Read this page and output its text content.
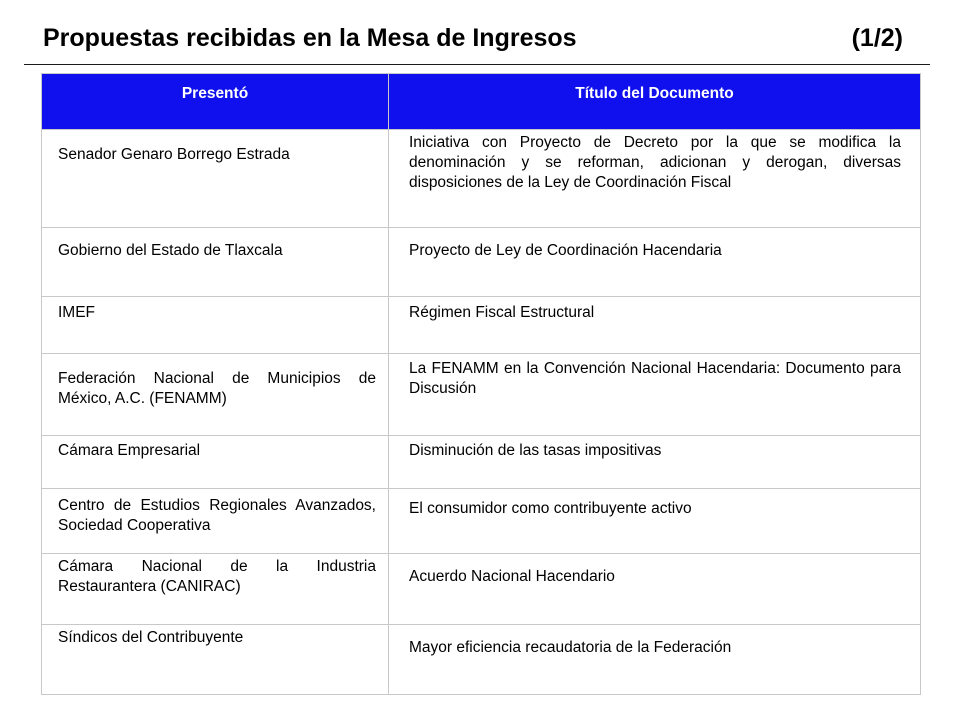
Propuestas recibidas en la Mesa de Ingresos	(1/2)
Presentó	Título del Documento
Senador Genaro Borrego Estrada	Iniciativa con Proyecto de Decreto por la que se modifica la denominación y se reforman, adicionan y derogan, diversas disposiciones de la Ley de Coordinación Fiscal
Gobierno del Estado de Tlaxcala	Proyecto de Ley de Coordinación Hacendaria
IMEF	Régimen Fiscal Estructural
Federación Nacional de Municipios de México, A.C. (FENAMM)	La FENAMM en la Convención Nacional Hacendaria: Documento para Discusión
Cámara Empresarial	Disminución de las tasas impositivas
Centro de Estudios Regionales Avanzados, Sociedad Cooperativa	El consumidor como contribuyente activo
Cámara Nacional de la Industria Restaurantera (CANIRAC)	Acuerdo Nacional Hacendario
Síndicos del Contribuyente	Mayor eficiencia recaudatoria de la Federación
